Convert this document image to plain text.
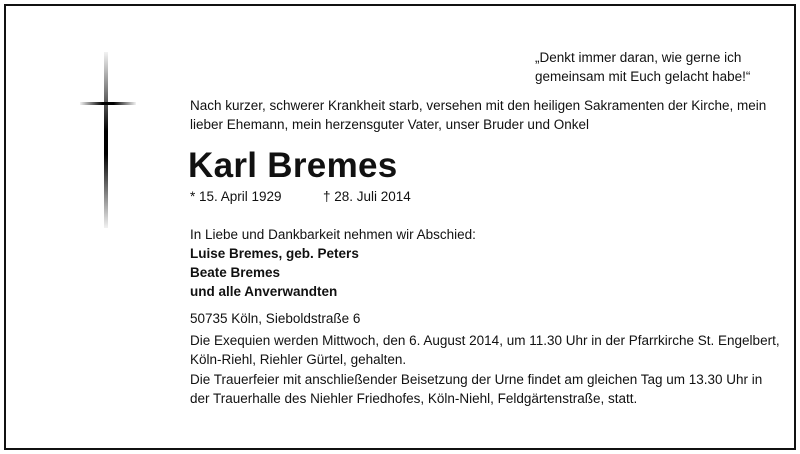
„Denkt immer daran, wie gerne ich
gemeinsam mit Euch gelacht habe!“
Nach kurzer, schwerer Krankheit starb, versehen mit den heiligen Sakramenten der Kirche, mein
lieber Ehemann, mein herzensguter Vater, unser Bruder und Onkel
Karl Bremes
* 15. April 1929	† 28. Juli 2014
In Liebe und Dankbarkeit nehmen wir Abschied:
Luise Bremes, geb. Peters
Beate Bremes
und alle Anverwandten
50735 Köln, Sieboldstraße 6
Die Exequien werden Mittwoch, den 6. August 2014, um 11.30 Uhr in der Pfarrkirche St. Engelbert,
Köln-Riehl, Riehler Gürtel, gehalten.
Die Trauerfeier mit anschließender Beisetzung der Urne findet am gleichen Tag um 13.30 Uhr in
der Trauerhalle des Niehler Friedhofes, Köln-Niehl, Feldgärtenstraße, statt.
